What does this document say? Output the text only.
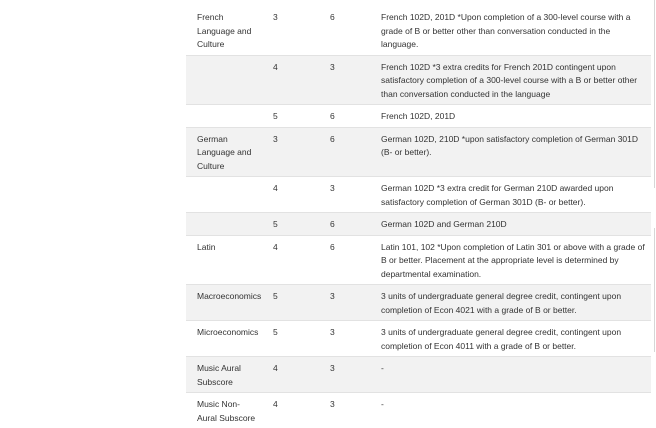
French Language and Culture	3	6	French 102D, 201D *Upon completion of a 300-level course with a grade of B or better other than conversation conducted in the language.
	4	3	French 102D *3 extra credits for French 201D contingent upon satisfactory completion of a 300-level course with a B or better other than conversation conducted in the language
	5	6	French 102D, 201D
German Language and Culture	3	6	German 102D, 210D *upon satisfactory completion of German 301D (B- or better).
	4	3	German 102D *3 extra credit for German 210D awarded upon satisfactory completion of German 301D (B- or better).
	5	6	German 102D and German 210D
Latin	4	6	Latin 101, 102 *Upon completion of Latin 301 or above with a grade of B or better. Placement at the appropriate level is determined by departmental examination.
Macroeconomics	5	3	3 units of undergraduate general degree credit, contingent upon completion of Econ 4021 with a grade of B or better.
Microeconomics	5	3	3 units of undergraduate general degree credit, contingent upon completion of Econ 4011 with a grade of B or better.
Music Aural Subscore	4	3	-
Music Non-Aural Subscore	4	3	-
